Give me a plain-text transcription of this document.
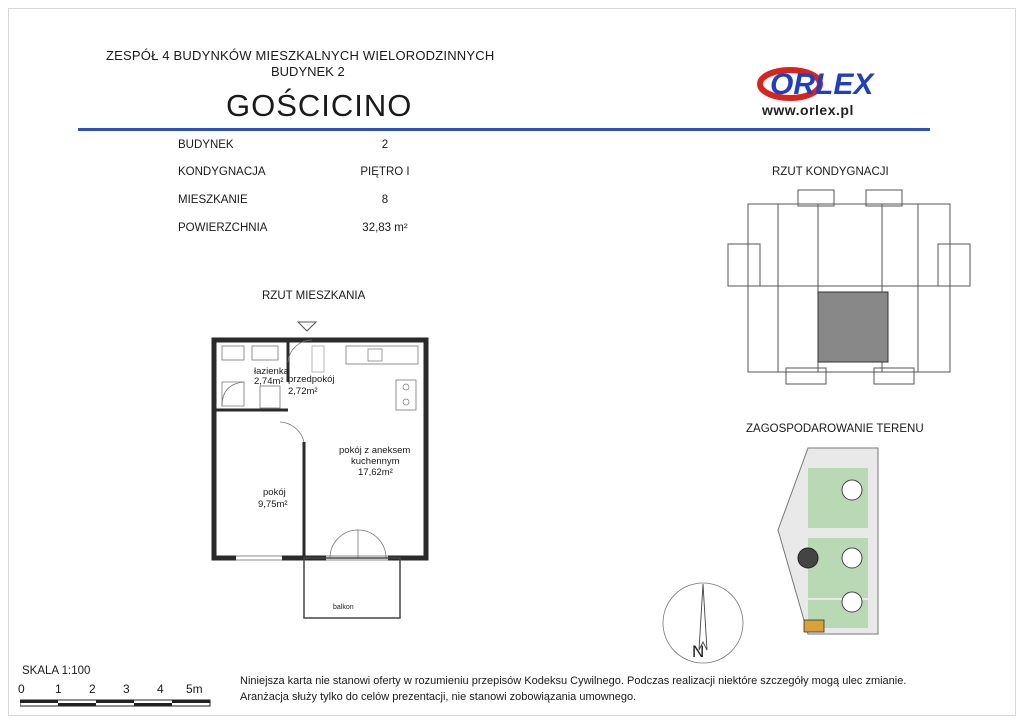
ZESPÓŁ 4 BUDYNKÓW MIESZKALNYCH WIELORODZINNYCH
BUDYNEK 2
GOŚCICINO
ORLEX
www.orlex.pl
BUDYNEK	2
KONDYGNACJA	PIĘTRO I
MIESZKANIE	8
POWIERZCHNIA	32,83 m²
RZUT MIESZKANIA
łazienka
2,74m² przedpokój
2,72m²
pokój z aneksem
kuchennym
17,62m²
pokój
9,75m²
balkon
RZUT KONDYGNACJI
ZAGOSPODAROWANIE TERENU
N
SKALA 1:100
0	1 2 3 4 5m
Niniejsza karta nie stanowi oferty w rozumieniu przepisów Kodeksu Cywilnego. Podczas realizacji niektóre szczegóły mogą ulec zmianie.
Aranżacja służy tylko do celów prezentacji, nie stanowi zobowiązania umownego.
